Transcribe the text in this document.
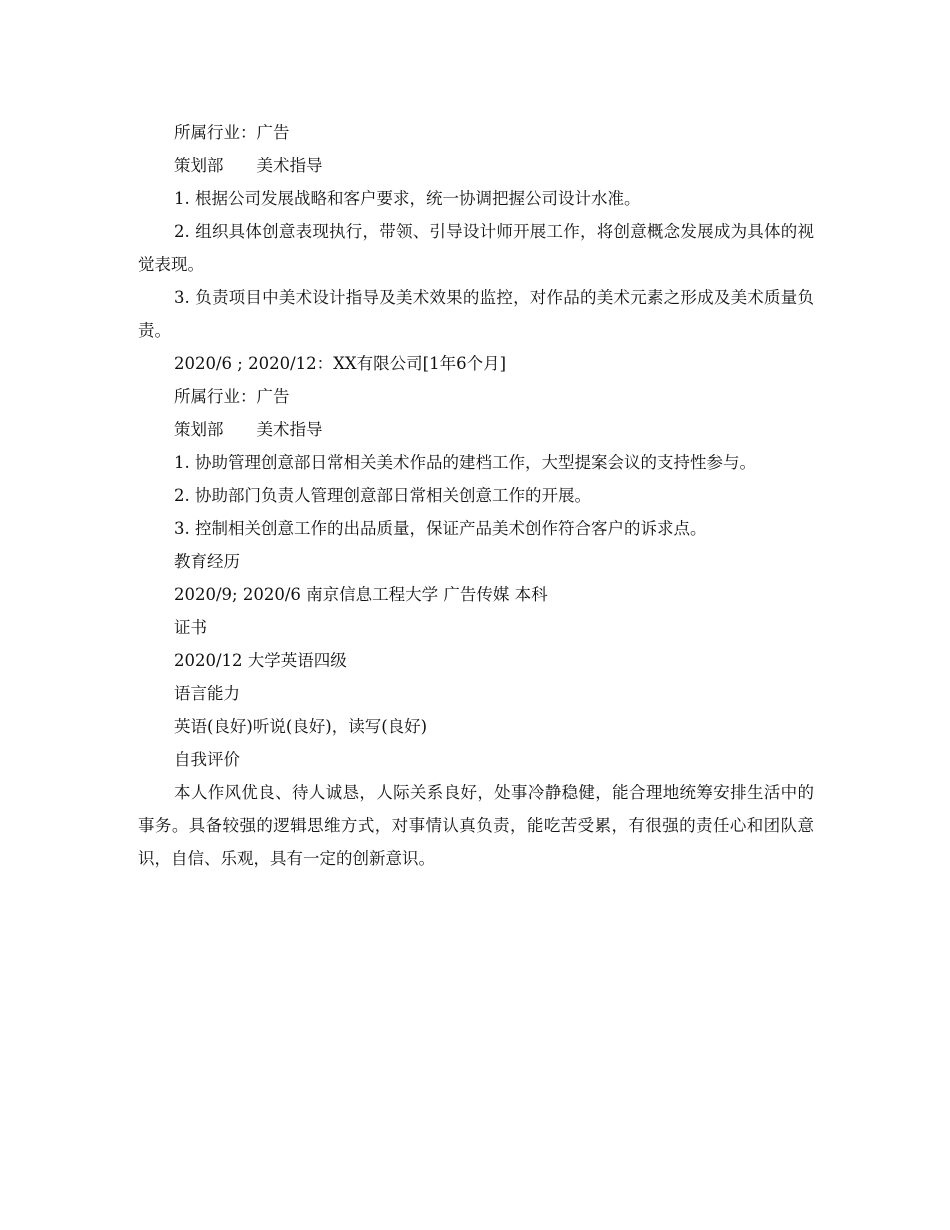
所属行业：广告

策划部　　美术指导

1. 根据公司发展战略和客户要求，统一协调把握公司设计水准。

2. 组织具体创意表现执行，带领、引导设计师开展工作，将创意概念发展成为具体的视觉表现。

3. 负责项目中美术设计指导及美术效果的监控，对作品的美术元素之形成及美术质量负责。

2020/6 ; 2020/12：XX有限公司[1年6个月]

所属行业：广告

策划部　　美术指导

1. 协助管理创意部日常相关美术作品的建档工作，大型提案会议的支持性参与。

2. 协助部门负责人管理创意部日常相关创意工作的开展。

3. 控制相关创意工作的出品质量，保证产品美术创作符合客户的诉求点。

教育经历

2020/9; 2020/6 南京信息工程大学 广告传媒 本科

证书

2020/12 大学英语四级

语言能力

英语(良好)听说(良好)，读写(良好)

自我评价

本人作风优良、待人诚恳，人际关系良好，处事冷静稳健，能合理地统筹安排生活中的事务。具备较强的逻辑思维方式，对事情认真负责，能吃苦受累，有很强的责任心和团队意识，自信、乐观，具有一定的创新意识。
